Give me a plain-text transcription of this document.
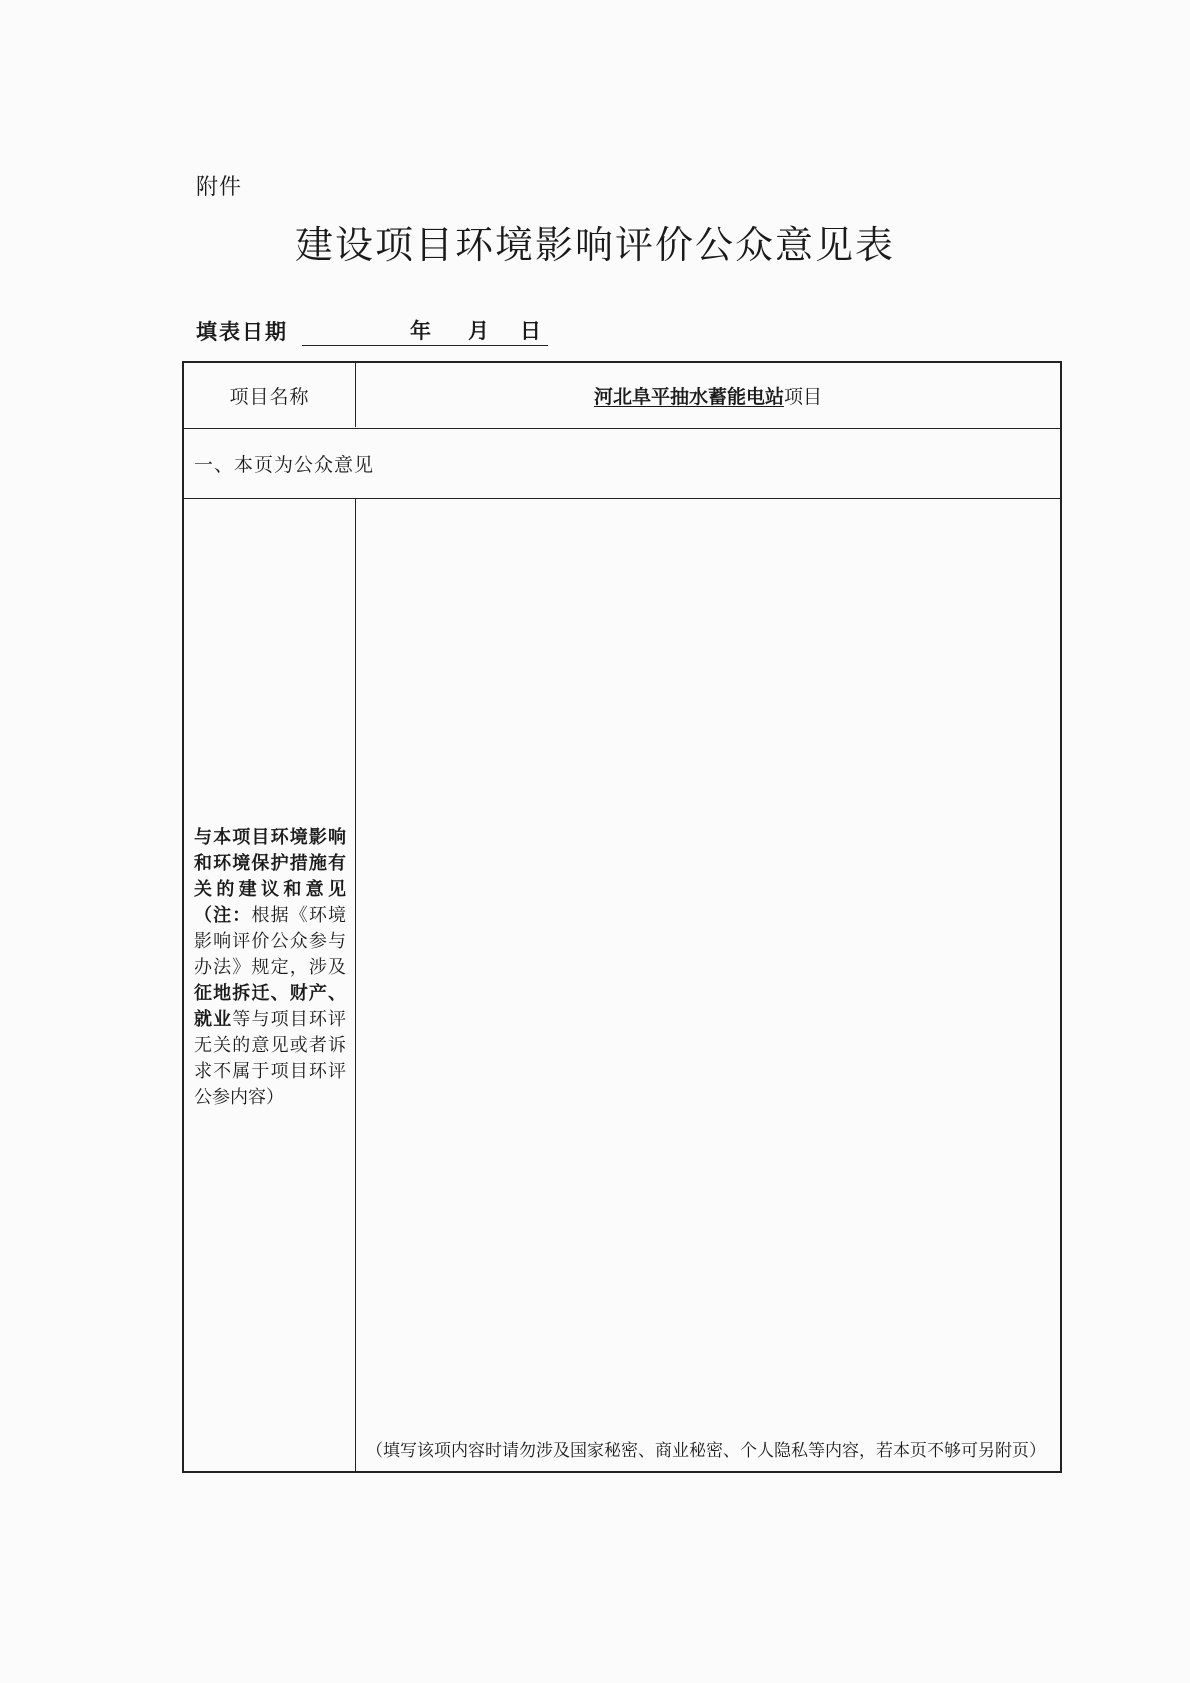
附件
建设项目环境影响评价公众意见表
填表日期	年 月 日
项目名称	河北阜平抽水蓄能电站 项目
一、本页为公众意见
与本项目环境影响和环境保护措施有关的建议和意见（注：根据《环境影响评价公众参与办法》规定，涉及征地拆迁、财产、就业等与项目环评无关的意见或者诉求不属于项目环评公参内容）
（填写该项内容时请勿涉及国家秘密、商业秘密、个人隐私等内容，若本页不够可另附页）
